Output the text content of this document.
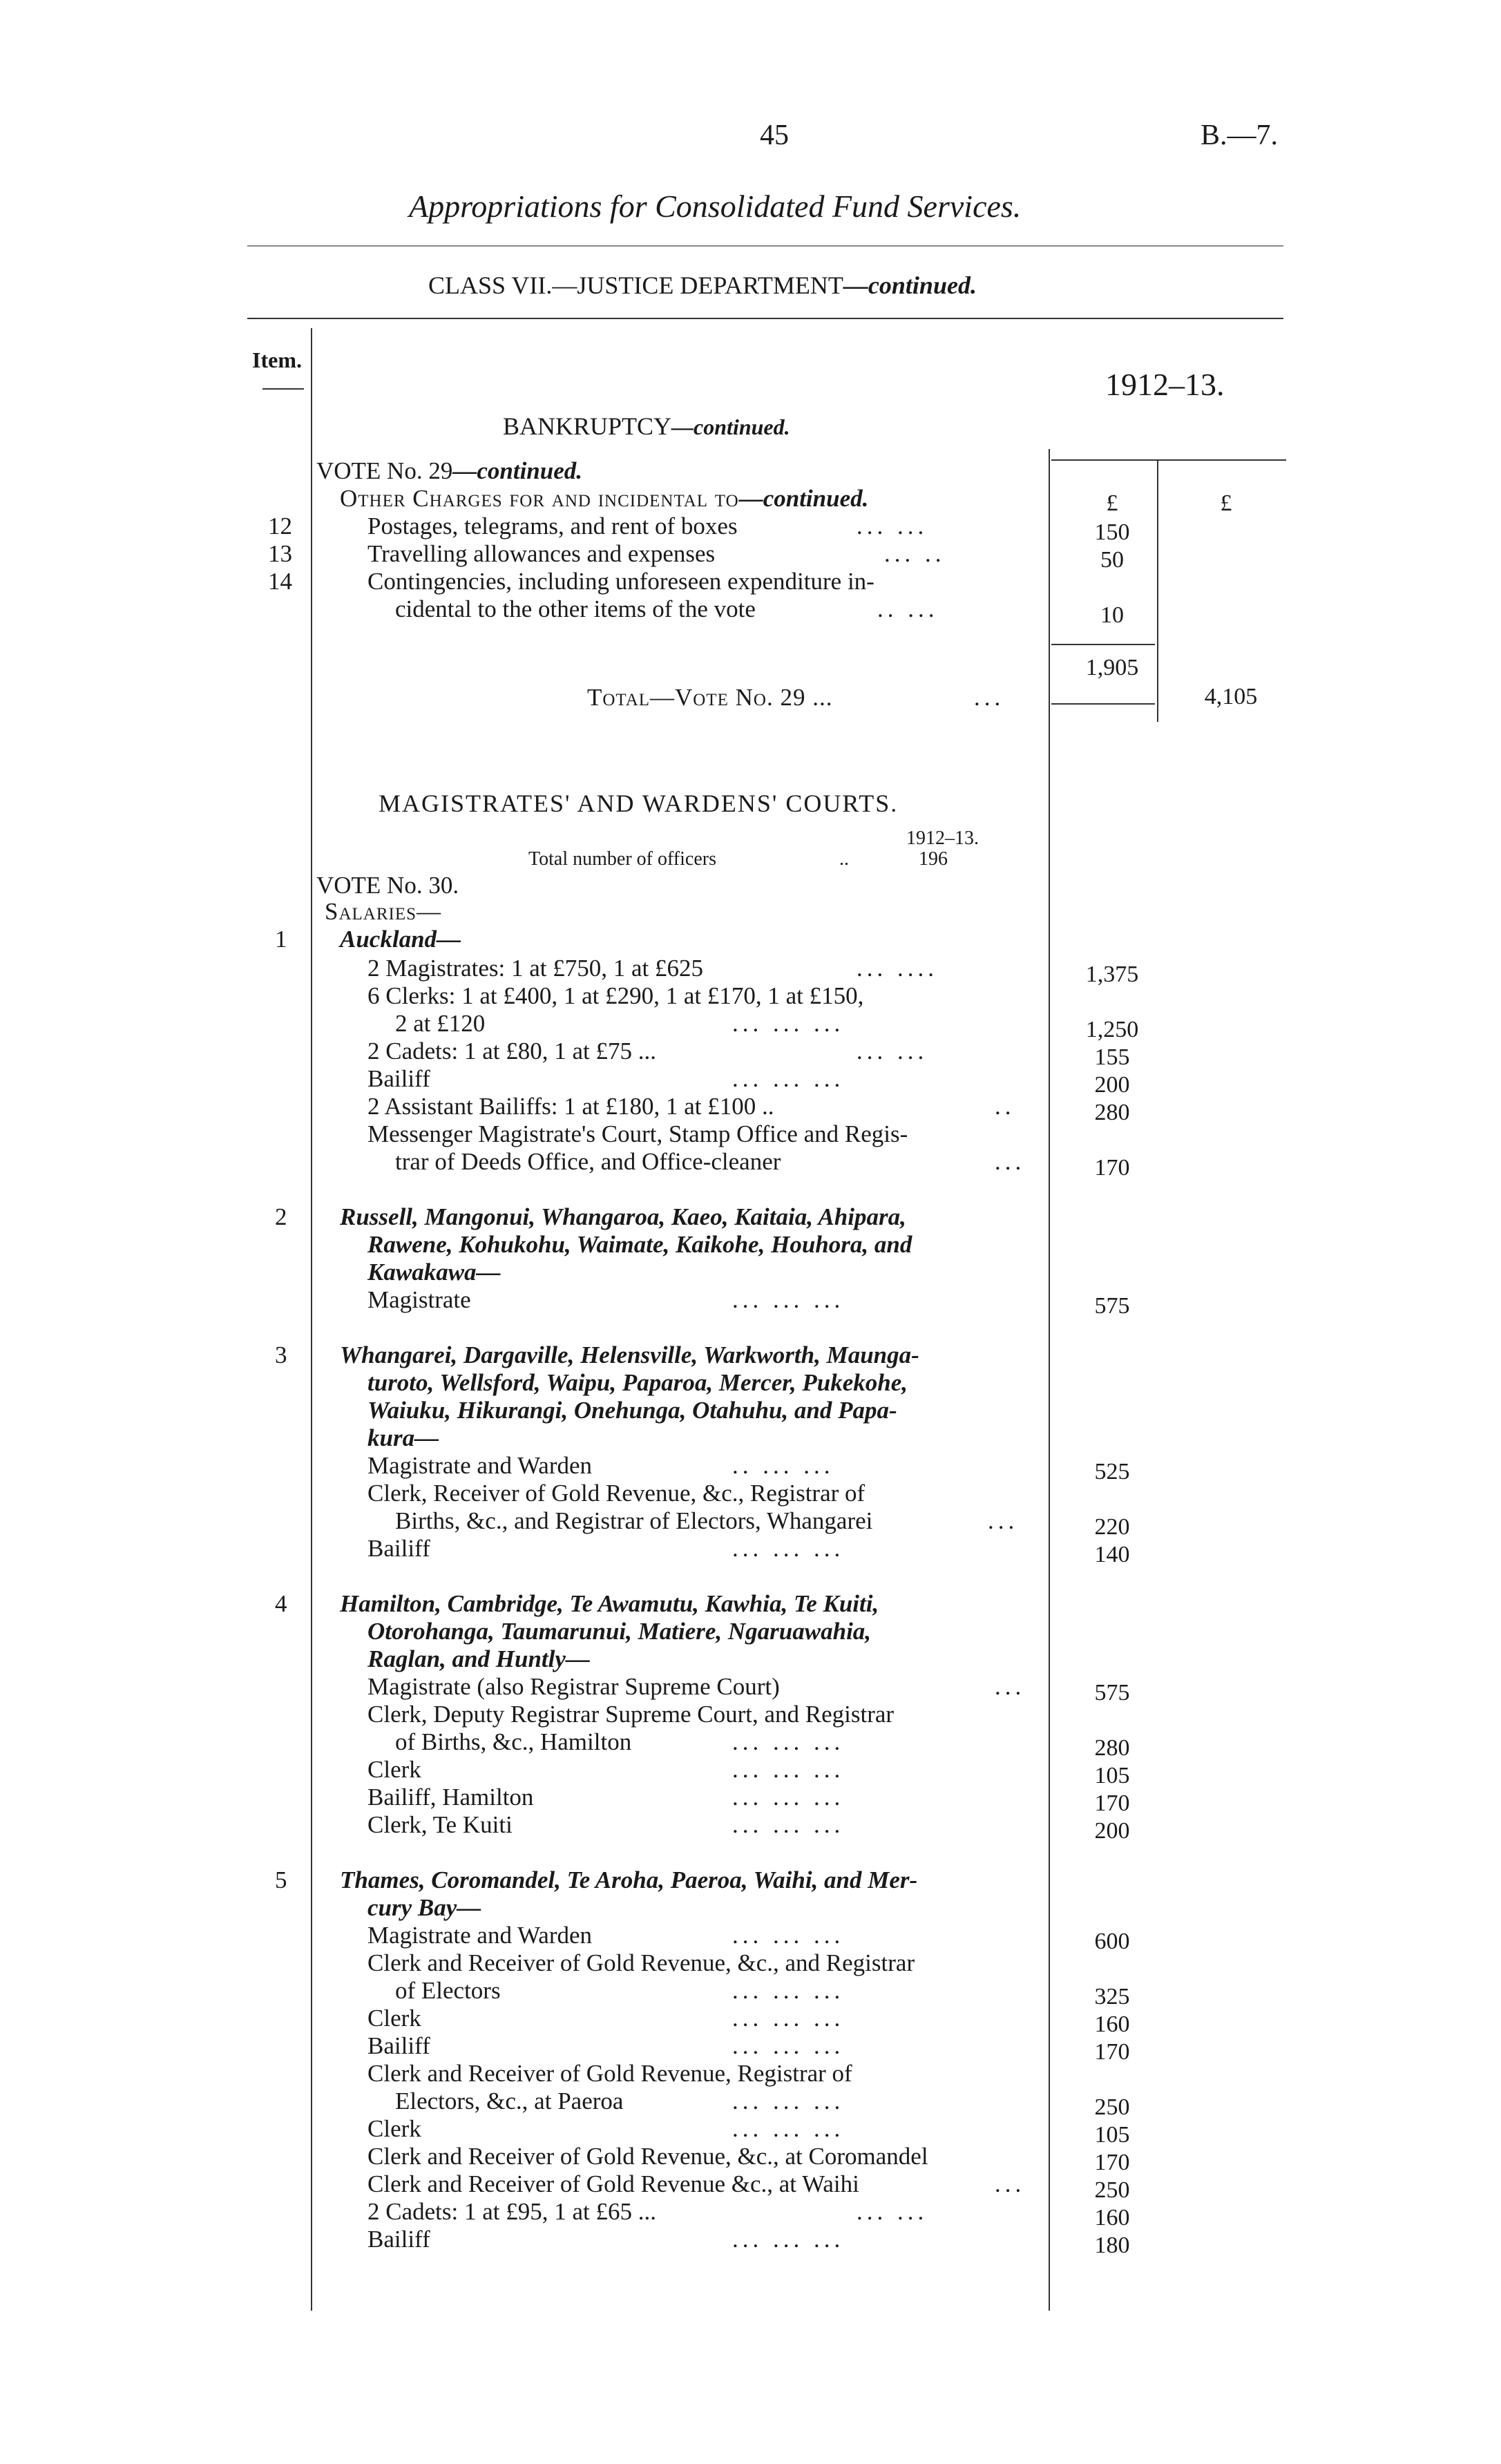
45	B.—7.
Appropriations for Consolidated Fund Services.
CLASS VII.—JUSTICE DEPARTMENT—continued.
Item.
1912–13.
BANKRUPTCY—continued.
VOTE No. 29—continued.
Other Charges for and incidental to—continued.	£	£
12	Postages, telegrams, and rent of boxes	... ...	150
13	Travelling allowances and expenses	... ..	50
14	Contingencies, including unforeseen expenditure in-
cidental to the other items of the vote	.. ...	10
1,905
Total—Vote No. 29 ...	...	4,105
MAGISTRATES' AND WARDENS' COURTS.
1912–13.
Total number of officers	..	196
VOTE No. 30.
Salaries—
1 Auckland—
2 Magistrates: 1 at £750, 1 at £625	... ....	1,375
6 Clerks: 1 at £400, 1 at £290, 1 at £170, 1 at £150,
2 at £120	... ... ...	1,250
2 Cadets: 1 at £80, 1 at £75 ...	... ...	155
Bailiff	... ... ...	200
2 Assistant Bailiffs: 1 at £180, 1 at £100 ..	..	280
Messenger Magistrate's Court, Stamp Office and Regis-
trar of Deeds Office, and Office-cleaner	...	170
2 Russell, Mangonui, Whangaroa, Kaeo, Kaitaia, Ahipara,
Rawene, Kohukohu, Waimate, Kaikohe, Houhora, and
Kawakawa—
Magistrate	... ... ...	575
3 Whangarei, Dargaville, Helensville, Warkworth, Maunga-
turoto, Wellsford, Waipu, Paparoa, Mercer, Pukekohe,
Waiuku, Hikurangi, Onehunga, Otahuhu, and Papa-
kura—
Magistrate and Warden	.. ... ...	525
Clerk, Receiver of Gold Revenue, &c., Registrar of
Births, &c., and Registrar of Electors, Whangarei	...	220
Bailiff	... ... ...	140
4 Hamilton, Cambridge, Te Awamutu, Kawhia, Te Kuiti,
Otorohanga, Taumarunui, Matiere, Ngaruawahia,
Raglan, and Huntly—
Magistrate (also Registrar Supreme Court)	...	575
Clerk, Deputy Registrar Supreme Court, and Registrar
of Births, &c., Hamilton	... ... ...	280
Clerk	... ... ...	105
Bailiff, Hamilton	... ... ...	170
Clerk, Te Kuiti	... ... ...	200
5 Thames, Coromandel, Te Aroha, Paeroa, Waihi, and Mer-
cury Bay—
Magistrate and Warden	... ... ...	600
Clerk and Receiver of Gold Revenue, &c., and Registrar
of Electors	... ... ...	325
Clerk	... ... ...	160
Bailiff	... ... ...	170
Clerk and Receiver of Gold Revenue, Registrar of
Electors, &c., at Paeroa	... ... ...	250
Clerk	... ... ...	105
Clerk and Receiver of Gold Revenue, &c., at Coromandel	170
Clerk and Receiver of Gold Revenue &c., at Waihi	...	250
2 Cadets: 1 at £95, 1 at £65 ...	... ...	160
Bailiff	... ... ...	180
